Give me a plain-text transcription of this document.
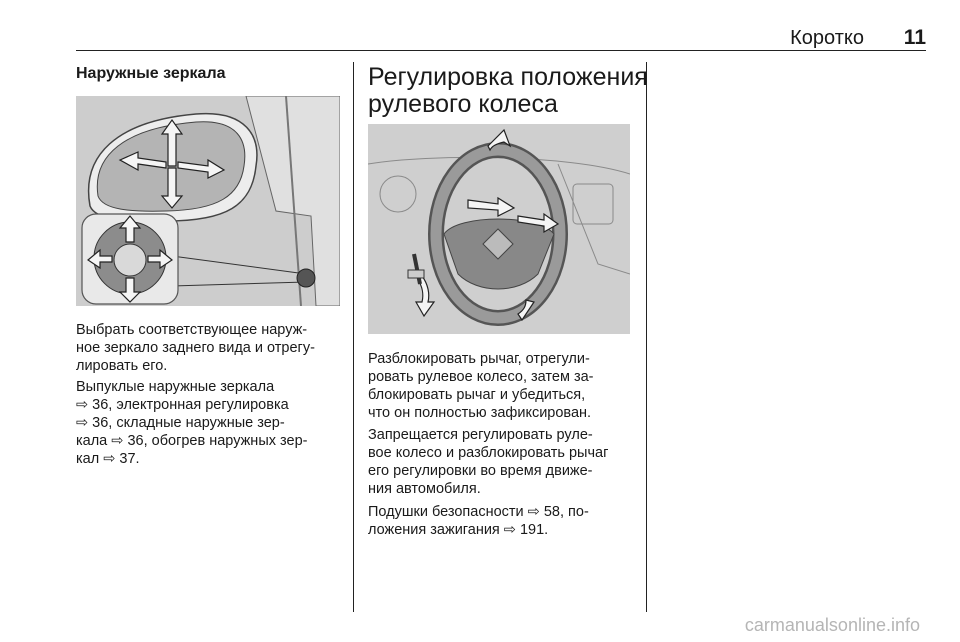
Коротко 11
Наружные зеркала

Выбрать соответствующее наруж-
ное зеркало заднего вида и отрегу-
лировать его.

Выпуклые наружные зеркала
⇨ 36, электронная регулировка
⇨ 36, складные наружные зер-
кала ⇨ 36, обогрев наружных зер-
кал ⇨ 37.

Регулировка положения
рулевого колеса

Разблокировать рычаг, отрегули-
ровать рулевое колесо, затем за-
блокировать рычаг и убедиться,
что он полностью зафиксирован.

Запрещается регулировать руле-
вое колесо и разблокировать рычаг
его регулировки во время движе-
ния автомобиля.

Подушки безопасности ⇨ 58, по-
ложения зажигания ⇨ 191.

carmanualsonline.info
